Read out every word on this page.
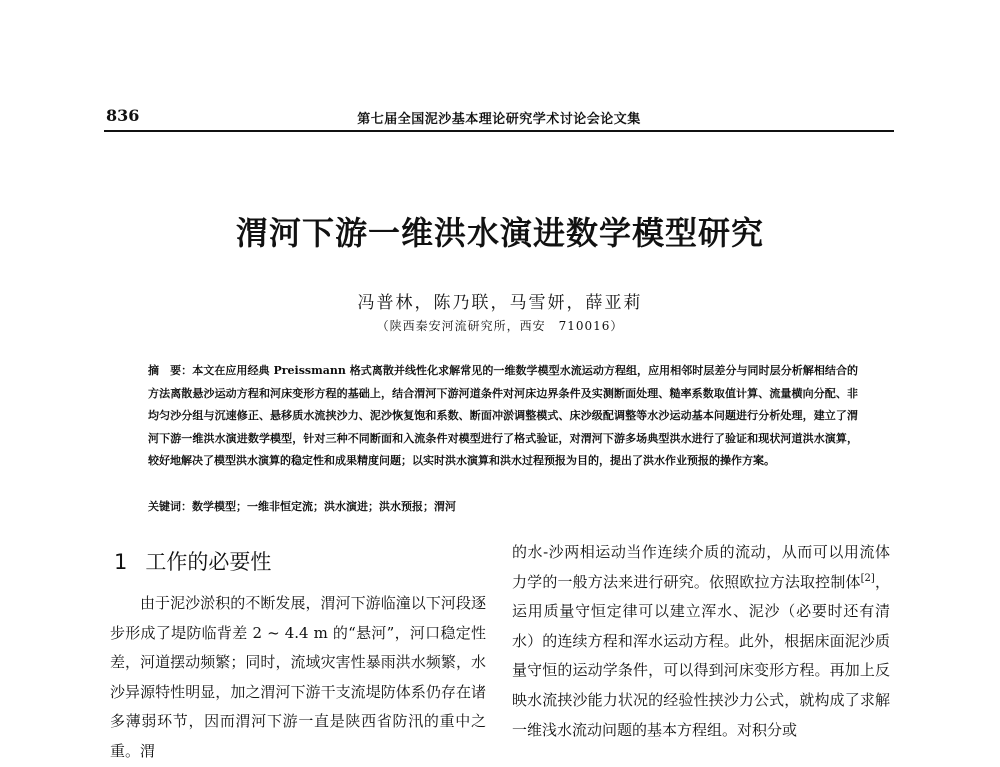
836	第七届全国泥沙基本理论研究学术讨论会论文集
渭河下游一维洪水演进数学模型研究
冯普林，陈乃联，马雪妍，薛亚莉
（陕西秦安河流研究所，西安　710016）
摘　要：本文在应用经典 Preissmann 格式离散并线性化求解常见的一维数学模型水流运动方程组，应用相邻时层差分与同时层分析解相结合的方法离散悬沙运动方程和河床变形方程的基础上，结合渭河下游河道条件对河床边界条件及实测断面处理、糙率系数取值计算、流量横向分配、非均匀沙分组与沉速修正、悬移质水流挟沙力、泥沙恢复饱和系数、断面冲淤调整模式、床沙级配调整等水沙运动基本问题进行分析处理，建立了渭河下游一维洪水演进数学模型，针对三种不同断面和入流条件对模型进行了格式验证，对渭河下游多场典型洪水进行了验证和现状河道洪水演算，较好地解决了模型洪水演算的稳定性和成果精度问题；以实时洪水演算和洪水过程预报为目的，提出了洪水作业预报的操作方案。
关键词：数学模型；一维非恒定流；洪水演进；洪水预报；渭河
1 工作的必要性

由于泥沙淤积的不断发展，渭河下游临潼以下河段逐步形成了堤防临背差 2 ~ 4.4 m 的“悬河”，河口稳定性差，河道摆动频繁；同时，流域灾害性暴雨洪水频繁，水沙异源特性明显，加之渭河下游干支流堤防体系仍存在诸多薄弱环节，因而渭河下游一直是陕西省防汛的重中之重。渭

的水-沙两相运动当作连续介质的流动，从而可以用流体力学的一般方法来进行研究。依照欧拉方法取控制体[2]，运用质量守恒定律可以建立浑水、泥沙（必要时还有清水）的连续方程和浑水运动方程。此外，根据床面泥沙质量守恒的运动学条件，可以得到河床变形方程。再加上反映水流挟沙能力状况的经验性挟沙力公式，就构成了求解一维浅水流动问题的基本方程组。对积分或
